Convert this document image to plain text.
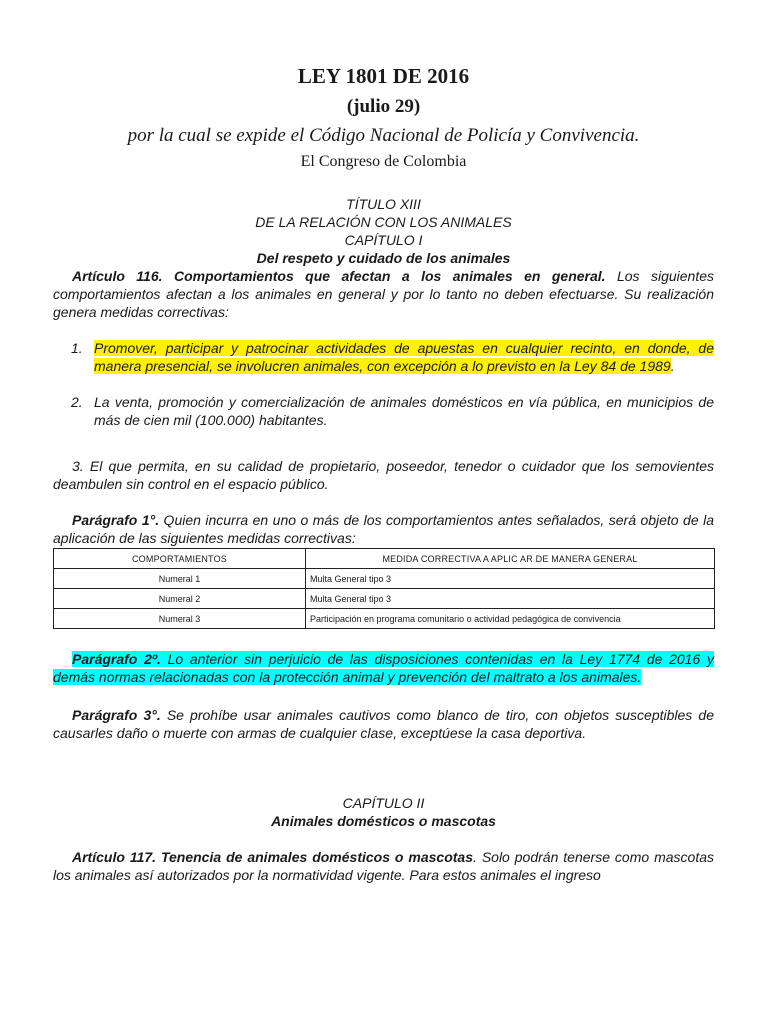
LEY 1801 DE 2016

(julio 29)

por la cual se expide el Código Nacional de Policía y Convivencia.

El Congreso de Colombia

TÍTULO XIII

DE LA RELACIÓN CON LOS ANIMALES

CAPÍTULO I

Del respeto y cuidado de los animales

Artículo 116. Comportamientos que afectan a los animales en general. Los siguientes comportamientos afectan a los animales en general y por lo tanto no deben efectuarse. Su realización genera medidas correctivas:

1. Promover, participar y patrocinar actividades de apuestas en cualquier recinto, en donde, de manera presencial, se involucren animales, con excepción a lo previsto en la Ley 84 de 1989.

2. La venta, promoción y comercialización de animales domésticos en vía pública, en municipios de más de cien mil (100.000) habitantes.

3. El que permita, en su calidad de propietario, poseedor, tenedor o cuidador que los semovientes deambulen sin control en el espacio público.

Parágrafo 1°. Quien incurra en uno o más de los comportamientos antes señalados, será objeto de la aplicación de las siguientes medidas correctivas:

COMPORTAMIENTOS	MEDIDA CORRECTIVA A APLIC AR DE MANERA GENERAL
Numeral 1	Multa General tipo 3
Numeral 2	Multa General tipo 3
Numeral 3	Participación en programa comunitario o actividad pedagógica de convivencia

Parágrafo 2º. Lo anterior sin perjuicio de las disposiciones contenidas en la Ley 1774 de 2016 y demás normas relacionadas con la protección animal y prevención del maltrato a los animales.

Parágrafo 3°. Se prohíbe usar animales cautivos como blanco de tiro, con objetos susceptibles de causarles daño o muerte con armas de cualquier clase, exceptúese la casa deportiva.

CAPÍTULO II

Animales domésticos o mascotas

Artículo 117. Tenencia de animales domésticos o mascotas. Solo podrán tenerse como mascotas los animales así autorizados por la normatividad vigente. Para estos animales el ingreso
